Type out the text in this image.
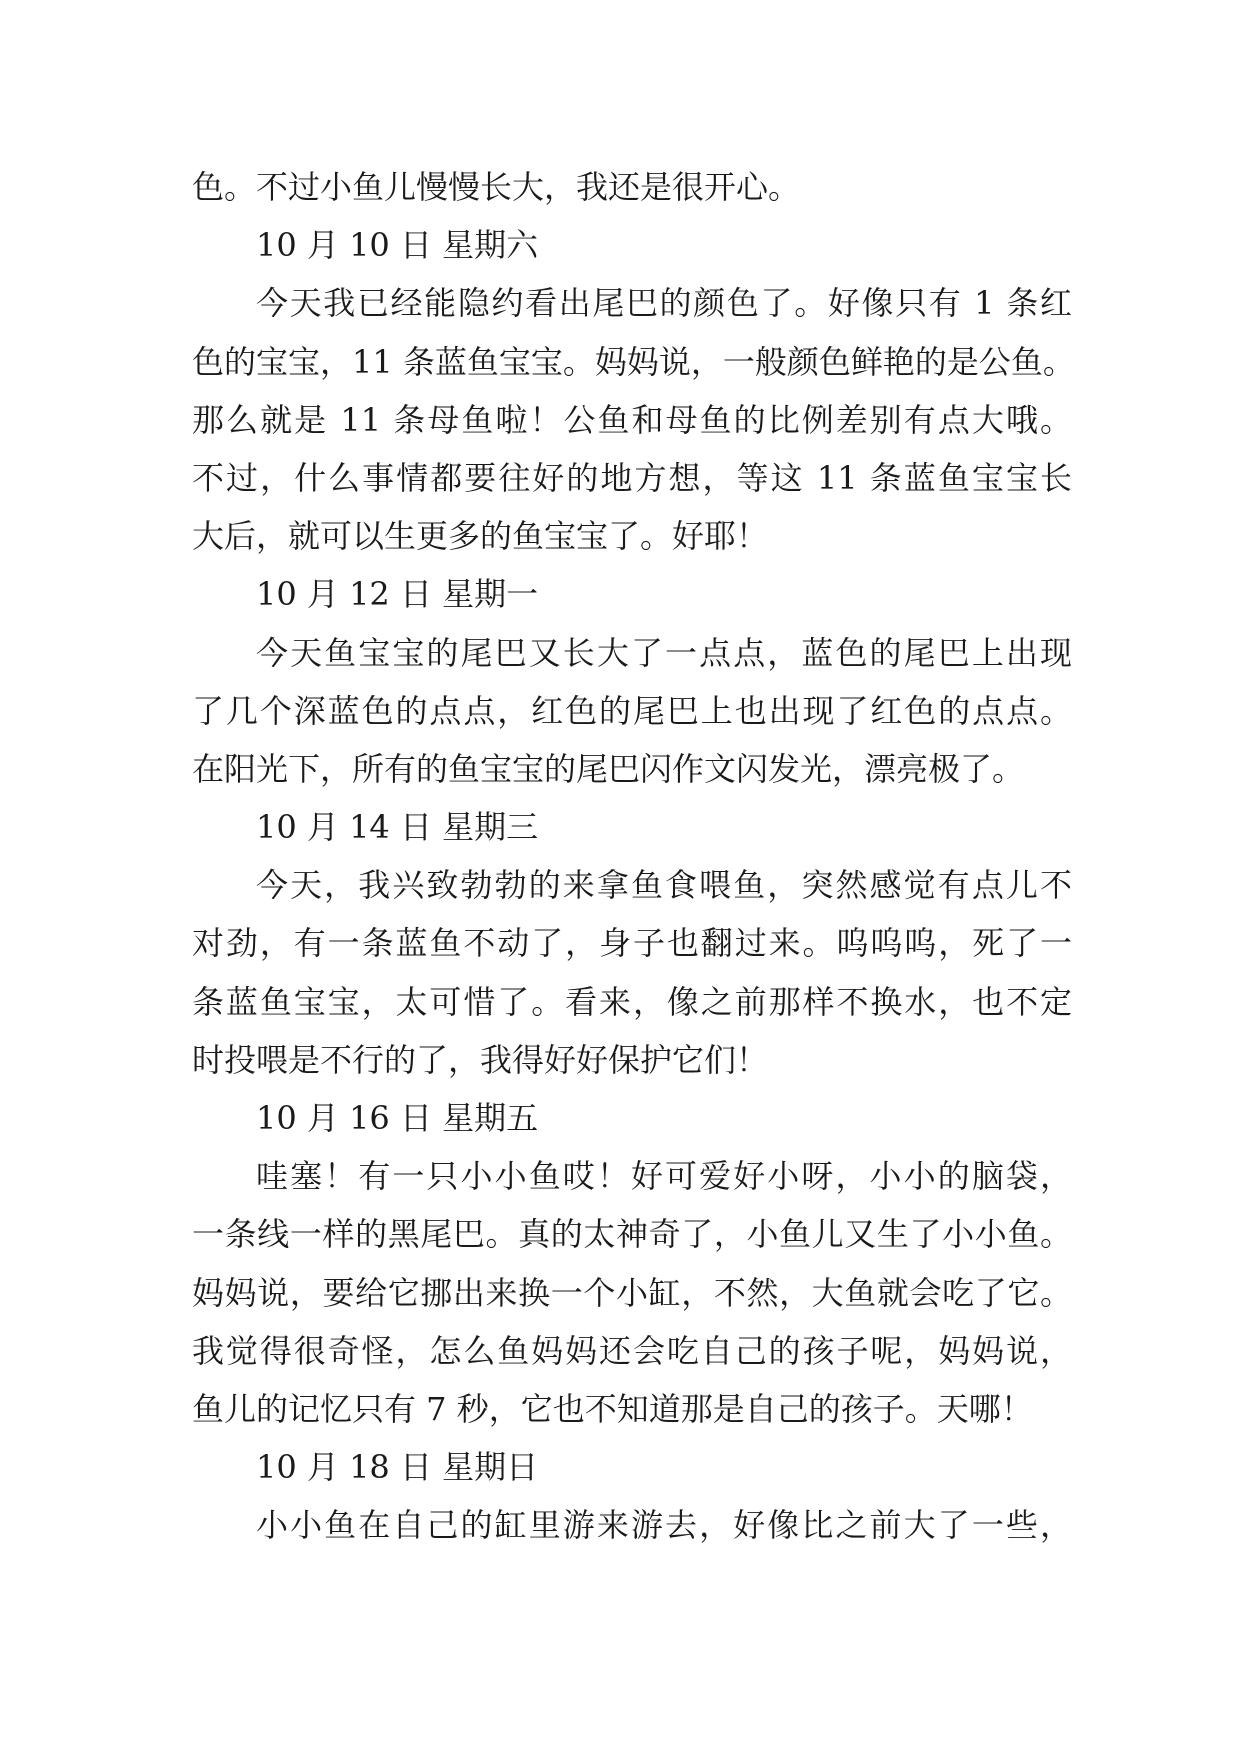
色。不过小鱼儿慢慢长大，我还是很开心。
10 月 10 日 星期六
今天我已经能隐约看出尾巴的颜色了。好像只有 1 条红
色的宝宝，11 条蓝鱼宝宝。妈妈说，一般颜色鲜艳的是公鱼。
那么就是 11 条母鱼啦！公鱼和母鱼的比例差别有点大哦。
不过，什么事情都要往好的地方想，等这 11 条蓝鱼宝宝长
大后，就可以生更多的鱼宝宝了。好耶！
10 月 12 日 星期一
今天鱼宝宝的尾巴又长大了一点点，蓝色的尾巴上出现
了几个深蓝色的点点，红色的尾巴上也出现了红色的点点。
在阳光下，所有的鱼宝宝的尾巴闪作文闪发光，漂亮极了。
10 月 14 日 星期三
今天，我兴致勃勃的来拿鱼食喂鱼，突然感觉有点儿不
对劲，有一条蓝鱼不动了，身子也翻过来。呜呜呜，死了一
条蓝鱼宝宝，太可惜了。看来，像之前那样不换水，也不定
时投喂是不行的了，我得好好保护它们！
10 月 16 日 星期五
哇塞！有一只小小鱼哎！好可爱好小呀，小小的脑袋，
一条线一样的黑尾巴。真的太神奇了，小鱼儿又生了小小鱼。
妈妈说，要给它挪出来换一个小缸，不然，大鱼就会吃了它。
我觉得很奇怪，怎么鱼妈妈还会吃自己的孩子呢，妈妈说，
鱼儿的记忆只有 7 秒，它也不知道那是自己的孩子。天哪！
10 月 18 日 星期日
小小鱼在自己的缸里游来游去，好像比之前大了一些，
